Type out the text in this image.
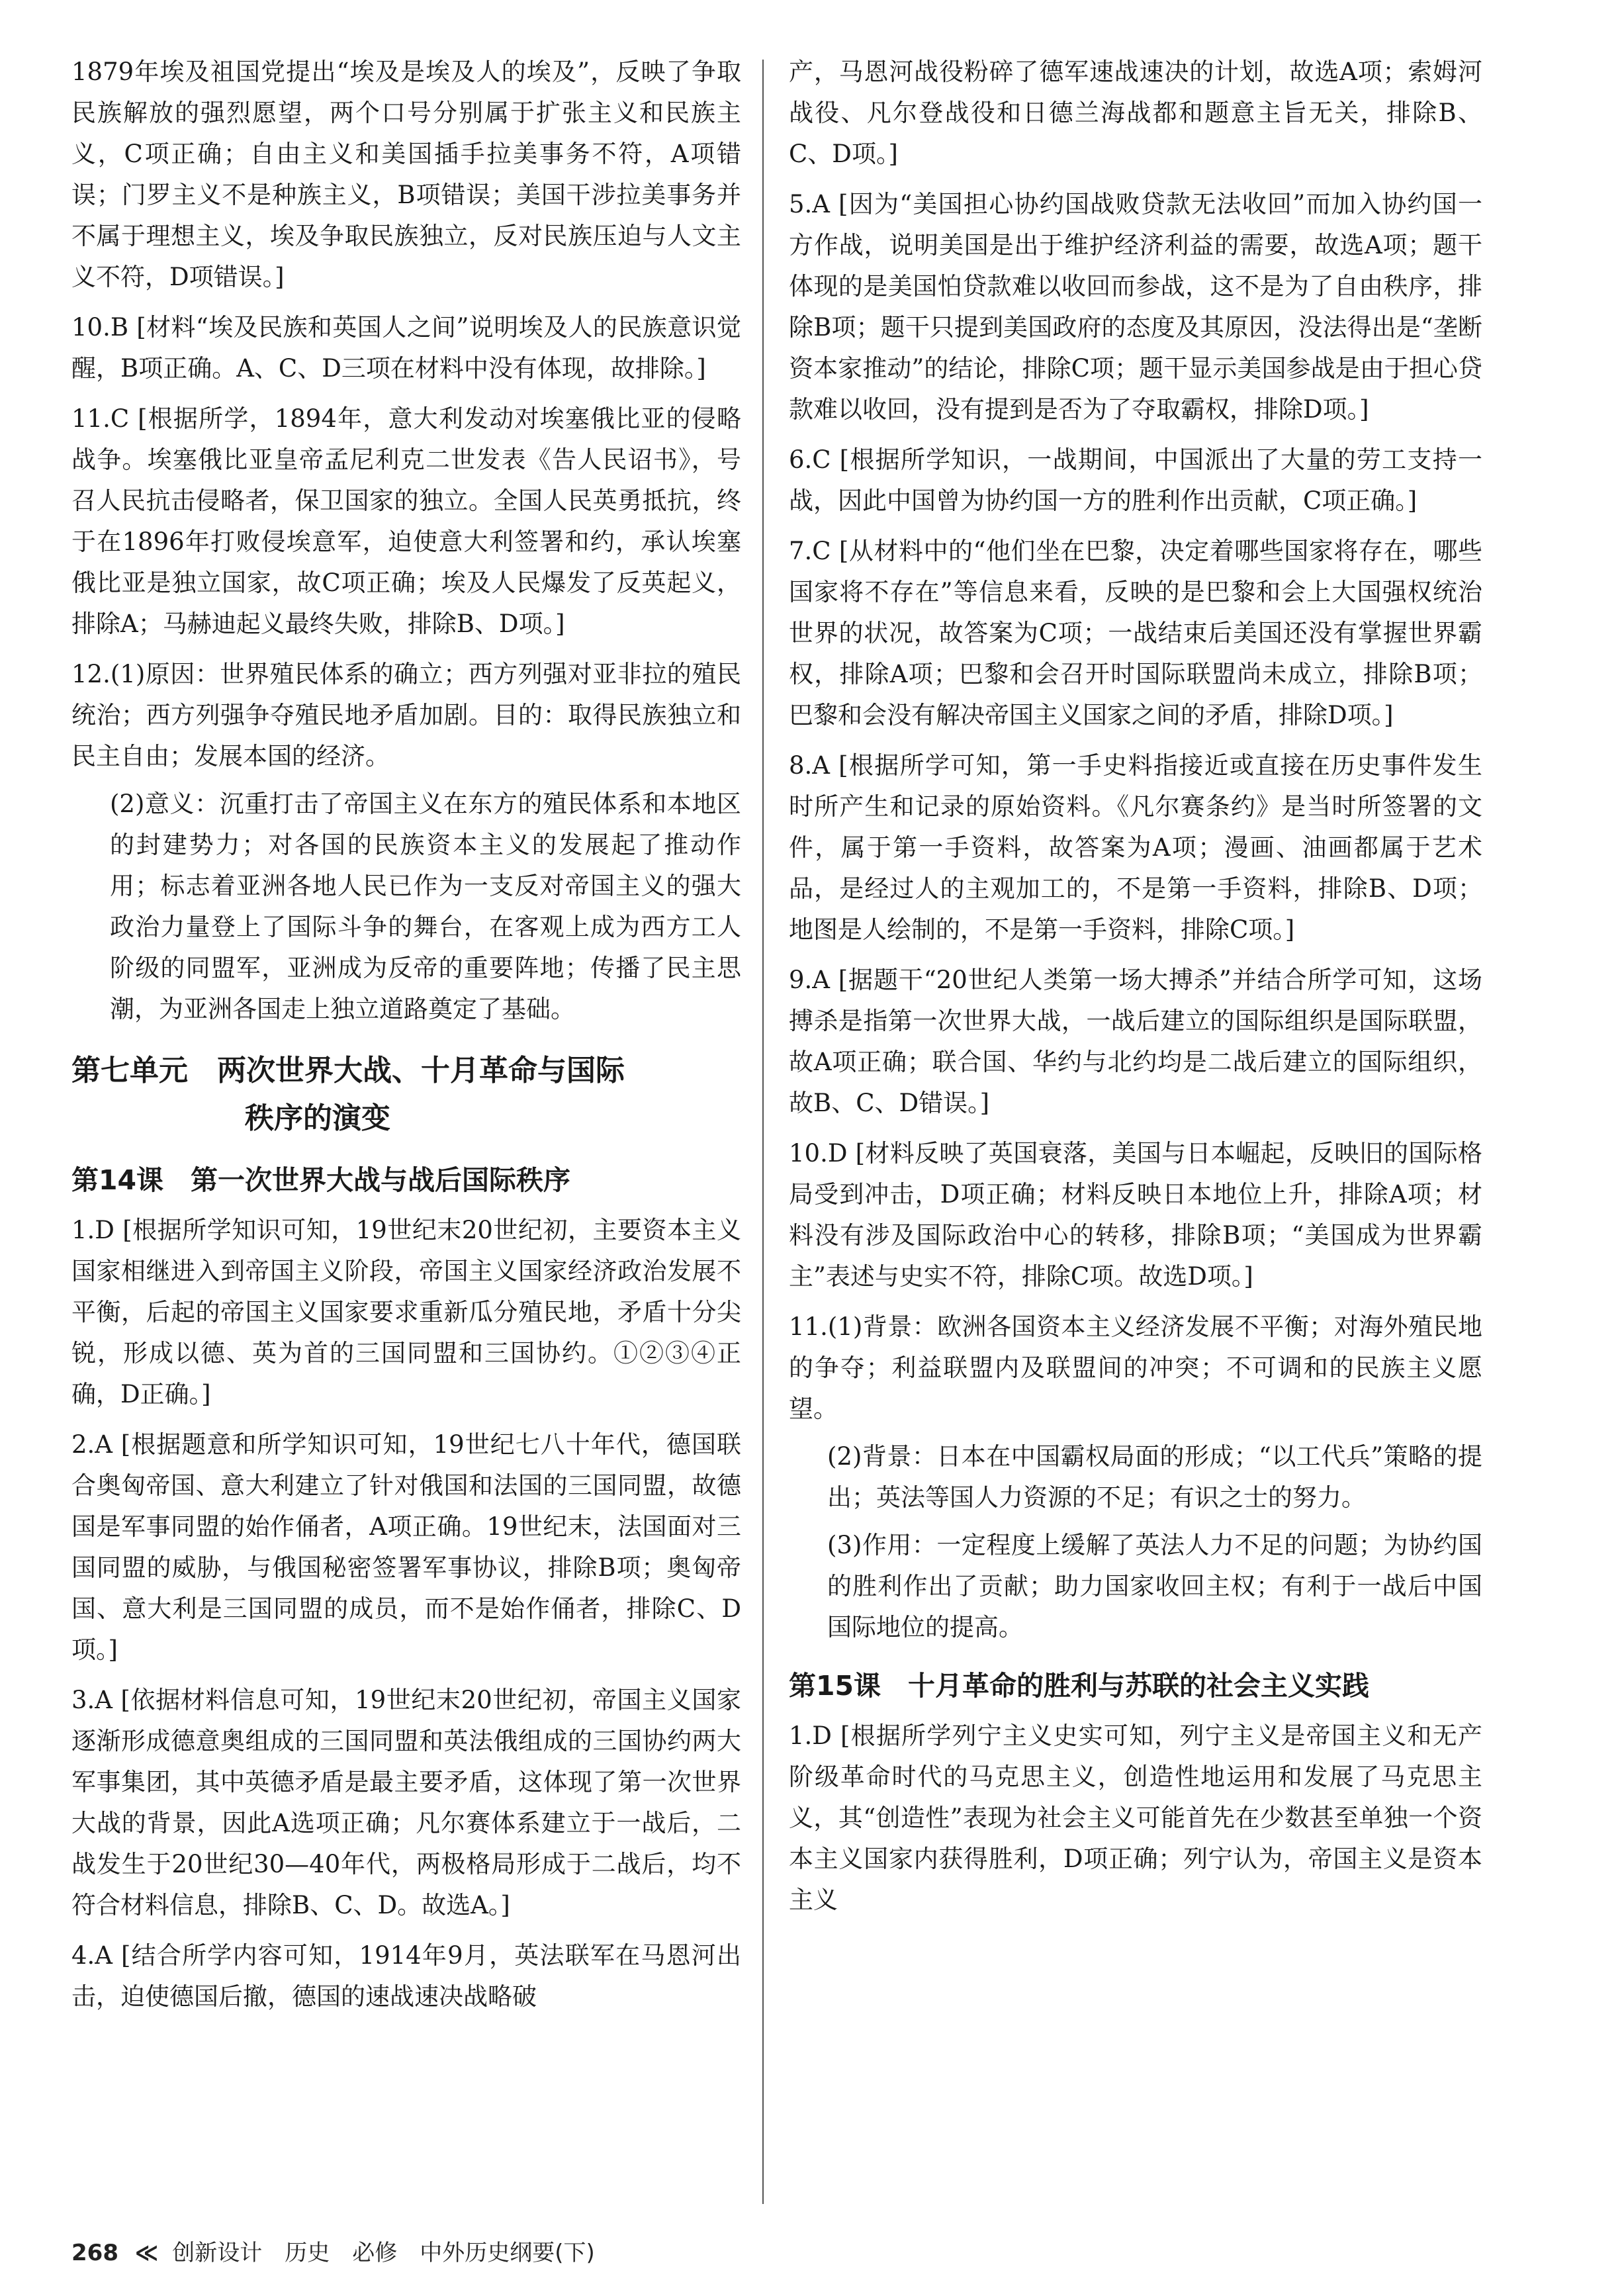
1879年埃及祖国党提出“埃及是埃及人的埃及”，反映了争取民族解放的强烈愿望，两个口号分别属于扩张主义和民族主义，C项正确；自由主义和美国插手拉美事务不符，A项错误；门罗主义不是种族主义，B项错误；美国干涉拉美事务并不属于理想主义，埃及争取民族独立，反对民族压迫与人文主义不符，D项错误。]

10.B [材料“埃及民族和英国人之间”说明埃及人的民族意识觉醒，B项正确。A、C、D三项在材料中没有体现，故排除。]

11.C [根据所学，1894年，意大利发动对埃塞俄比亚的侵略战争。埃塞俄比亚皇帝孟尼利克二世发表《告人民诏书》，号召人民抗击侵略者，保卫国家的独立。全国人民英勇抵抗，终于在1896年打败侵埃意军，迫使意大利签署和约，承认埃塞俄比亚是独立国家，故C项正确；埃及人民爆发了反英起义，排除A；马赫迪起义最终失败，排除B、D项。]

12.(1)原因：世界殖民体系的确立；西方列强对亚非拉的殖民统治；西方列强争夺殖民地矛盾加剧。目的：取得民族独立和民主自由；发展本国的经济。

(2)意义：沉重打击了帝国主义在东方的殖民体系和本地区的封建势力；对各国的民族资本主义的发展起了推动作用；标志着亚洲各地人民已作为一支反对帝国主义的强大政治力量登上了国际斗争的舞台，在客观上成为西方工人阶级的同盟军，亚洲成为反帝的重要阵地；传播了民主思潮，为亚洲各国走上独立道路奠定了基础。

第七单元　两次世界大战、十月革命与国际
秩序的演变
第14课　第一次世界大战与战后国际秩序

1.D [根据所学知识可知，19世纪末20世纪初，主要资本主义国家相继进入到帝国主义阶段，帝国主义国家经济政治发展不平衡，后起的帝国主义国家要求重新瓜分殖民地，矛盾十分尖锐，形成以德、英为首的三国同盟和三国协约。①②③④正确，D正确。]

2.A [根据题意和所学知识可知，19世纪七八十年代，德国联合奥匈帝国、意大利建立了针对俄国和法国的三国同盟，故德国是军事同盟的始作俑者，A项正确。19世纪末，法国面对三国同盟的威胁，与俄国秘密签署军事协议，排除B项；奥匈帝国、意大利是三国同盟的成员，而不是始作俑者，排除C、D项。]

3.A [依据材料信息可知，19世纪末20世纪初，帝国主义国家逐渐形成德意奥组成的三国同盟和英法俄组成的三国协约两大军事集团，其中英德矛盾是最主要矛盾，这体现了第一次世界大战的背景，因此A选项正确；凡尔赛体系建立于一战后，二战发生于20世纪30—40年代，两极格局形成于二战后，均不符合材料信息，排除B、C、D。故选A。]

4.A [结合所学内容可知，1914年9月，英法联军在马恩河出击，迫使德国后撤，德国的速战速决战略破

产，马恩河战役粉碎了德军速战速决的计划，故选A项；索姆河战役、凡尔登战役和日德兰海战都和题意主旨无关，排除B、C、D项。]

5.A [因为“美国担心协约国战败贷款无法收回”而加入协约国一方作战，说明美国是出于维护经济利益的需要，故选A项；题干体现的是美国怕贷款难以收回而参战，这不是为了自由秩序，排除B项；题干只提到美国政府的态度及其原因，没法得出是“垄断资本家推动”的结论，排除C项；题干显示美国参战是由于担心贷款难以收回，没有提到是否为了夺取霸权，排除D项。]

6.C [根据所学知识，一战期间，中国派出了大量的劳工支持一战，因此中国曾为协约国一方的胜利作出贡献，C项正确。]

7.C [从材料中的“他们坐在巴黎，决定着哪些国家将存在，哪些国家将不存在”等信息来看，反映的是巴黎和会上大国强权统治世界的状况，故答案为C项；一战结束后美国还没有掌握世界霸权，排除A项；巴黎和会召开时国际联盟尚未成立，排除B项；巴黎和会没有解决帝国主义国家之间的矛盾，排除D项。]

8.A [根据所学可知，第一手史料指接近或直接在历史事件发生时所产生和记录的原始资料。《凡尔赛条约》是当时所签署的文件，属于第一手资料，故答案为A项；漫画、油画都属于艺术品，是经过人的主观加工的，不是第一手资料，排除B、D项；地图是人绘制的，不是第一手资料，排除C项。]

9.A [据题干“20世纪人类第一场大搏杀”并结合所学可知，这场搏杀是指第一次世界大战，一战后建立的国际组织是国际联盟，故A项正确；联合国、华约与北约均是二战后建立的国际组织，故B、C、D错误。]

10.D [材料反映了英国衰落，美国与日本崛起，反映旧的国际格局受到冲击，D项正确；材料反映日本地位上升，排除A项；材料没有涉及国际政治中心的转移，排除B项；“美国成为世界霸主”表述与史实不符，排除C项。故选D项。]

11.(1)背景：欧洲各国资本主义经济发展不平衡；对海外殖民地的争夺；利益联盟内及联盟间的冲突；不可调和的民族主义愿望。

(2)背景：日本在中国霸权局面的形成；“以工代兵”策略的提出；英法等国人力资源的不足；有识之士的努力。

(3)作用：一定程度上缓解了英法人力不足的问题；为协约国的胜利作出了贡献；助力国家收回主权；有利于一战后中国国际地位的提高。

第15课　十月革命的胜利与苏联的社会主义实践

1.D [根据所学列宁主义史实可知，列宁主义是帝国主义和无产阶级革命时代的马克思主义，创造性地运用和发展了马克思主义，其“创造性”表现为社会主义可能首先在少数甚至单独一个资本主义国家内获得胜利，D项正确；列宁认为，帝国主义是资本主义

268 ≪ 创新设计　历史　必修　中外历史纲要(下)
